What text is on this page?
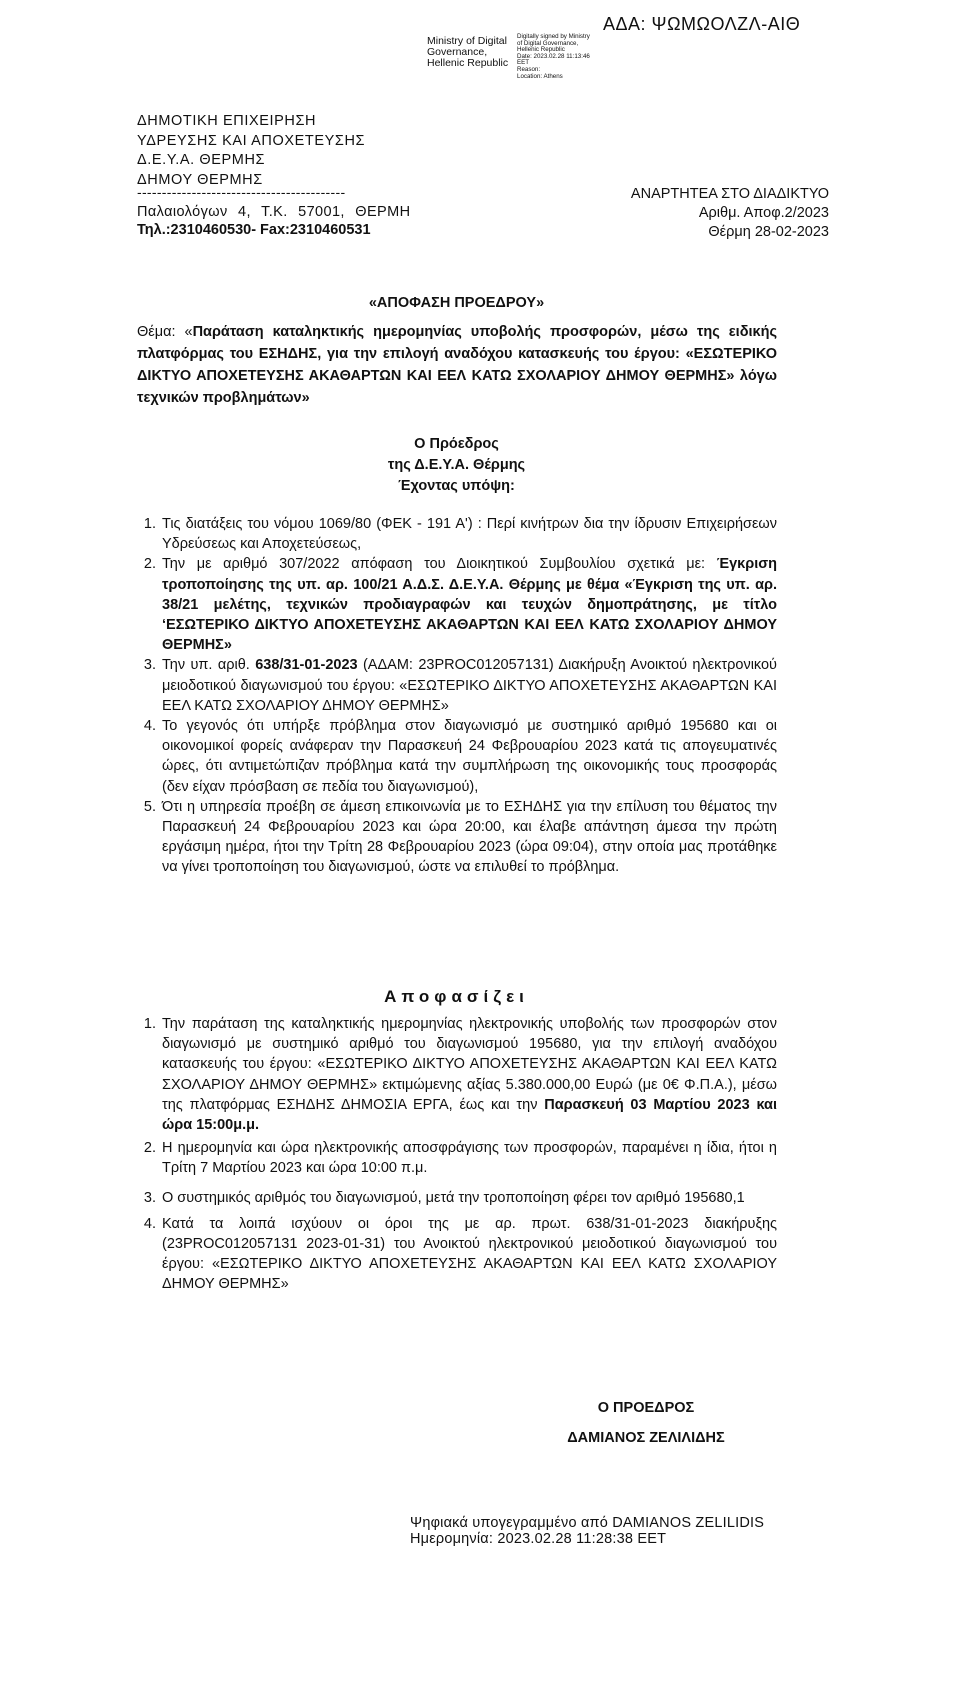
ΑΔΑ: ΨΩΜΩΟΛΖΛ-ΑΙΘ
Ministry of Digital
Governance,
Hellenic Republic
Digitally signed by Ministry
of Digital Governance,
Hellenic Republic
Date: 2023.02.28 11:13:46
EET
Reason:
Location: Athens
ΔΗΜΟΤΙΚΗ ΕΠΙΧΕΙΡΗΣΗ
ΥΔΡΕΥΣΗΣ ΚΑΙ ΑΠΟΧΕΤΕΥΣΗΣ
Δ.Ε.Υ.Α. ΘΕΡΜΗΣ
ΔΗΜΟΥ ΘΕΡΜΗΣ
------------------------------------------
Παλαιολόγων 4, Τ.Κ. 57001, ΘΕΡΜΗ
Τηλ.:2310460530- Fax:2310460531
ΑΝΑΡΤΗΤΕΑ ΣΤΟ ΔΙΑΔΙΚΤΥΟ
Αριθμ. Αποφ.2/2023
Θέρμη 28-02-2023
«ΑΠΟΦΑΣΗ ΠΡΟΕΔΡΟΥ»
Θέμα: «Παράταση καταληκτικής ημερομηνίας υποβολής προσφορών, μέσω της ειδικής πλατφόρμας του ΕΣΗΔΗΣ, για την επιλογή αναδόχου κατασκευής του έργου: «ΕΣΩΤΕΡΙΚΟ ΔΙΚΤΥΟ ΑΠΟΧΕΤΕΥΣΗΣ ΑΚΑΘΑΡΤΩΝ ΚΑΙ ΕΕΛ ΚΑΤΩ ΣΧΟΛΑΡΙΟΥ ΔΗΜΟΥ ΘΕΡΜΗΣ» λόγω τεχνικών προβλημάτων»
Ο Πρόεδρος
της Δ.Ε.Υ.Α. Θέρμης
Έχοντας υπόψη:
1. Τις διατάξεις του νόμου 1069/80 (ΦΕΚ - 191 Α') : Περί κινήτρων δια την ίδρυσιν Επιχειρήσεων Υδρεύσεως και Αποχετεύσεως,
2. Την με αριθμό 307/2022 απόφαση του Διοικητικού Συμβουλίου σχετικά με: Έγκριση τροποποίησης της υπ. αρ. 100/21 Α.Δ.Σ. Δ.Ε.Υ.Α. Θέρμης με θέμα «Έγκριση της υπ. αρ. 38/21 μελέτης, τεχνικών προδιαγραφών και τευχών δημοπράτησης, με τίτλο ‘ΕΣΩΤΕΡΙΚΟ ΔΙΚΤΥΟ ΑΠΟΧΕΤΕΥΣΗΣ ΑΚΑΘΑΡΤΩΝ ΚΑΙ ΕΕΛ ΚΑΤΩ ΣΧΟΛΑΡΙΟΥ ΔΗΜΟΥ ΘΕΡΜΗΣ»
3. Την υπ. αριθ. 638/31-01-2023 (ΑΔΑΜ: 23PROC012057131) Διακήρυξη Ανοικτού ηλεκτρονικού μειοδοτικού διαγωνισμού του έργου: «ΕΣΩΤΕΡΙΚΟ ΔΙΚΤΥΟ ΑΠΟΧΕΤΕΥΣΗΣ ΑΚΑΘΑΡΤΩΝ ΚΑΙ ΕΕΛ ΚΑΤΩ ΣΧΟΛΑΡΙΟΥ ΔΗΜΟΥ ΘΕΡΜΗΣ»
4. Το γεγονός ότι υπήρξε πρόβλημα στον διαγωνισμό με συστημικό αριθμό 195680 και οι οικονομικοί φορείς ανάφεραν την Παρασκευή 24 Φεβρουαρίου 2023 κατά τις απογευματινές ώρες, ότι αντιμετώπιζαν πρόβλημα κατά την συμπλήρωση της οικονομικής τους προσφοράς (δεν είχαν πρόσβαση σε πεδία του διαγωνισμού),
5. Ότι η υπηρεσία προέβη σε άμεση επικοινωνία με το ΕΣΗΔΗΣ για την επίλυση του θέματος την Παρασκευή 24 Φεβρουαρίου 2023 και ώρα 20:00, και έλαβε απάντηση άμεσα την πρώτη εργάσιμη ημέρα, ήτοι την Τρίτη 28 Φεβρουαρίου 2023 (ώρα 09:04), στην οποία μας προτάθηκε να γίνει τροποποίηση του διαγωνισμού, ώστε να επιλυθεί το πρόβλημα.
Αποφασίζει
1. Την παράταση της καταληκτικής ημερομηνίας ηλεκτρονικής υποβολής των προσφορών στον διαγωνισμό με συστημικό αριθμό του διαγωνισμού 195680, για την επιλογή αναδόχου κατασκευής του έργου: «ΕΣΩΤΕΡΙΚΟ ΔΙΚΤΥΟ ΑΠΟΧΕΤΕΥΣΗΣ ΑΚΑΘΑΡΤΩΝ ΚΑΙ ΕΕΛ ΚΑΤΩ ΣΧΟΛΑΡΙΟΥ ΔΗΜΟΥ ΘΕΡΜΗΣ» εκτιμώμενης αξίας 5.380.000,00 Ευρώ (με 0€ Φ.Π.Α.), μέσω της πλατφόρμας ΕΣΗΔΗΣ ΔΗΜΟΣΙΑ ΕΡΓΑ, έως και την Παρασκευή 03 Μαρτίου 2023 και ώρα 15:00μ.μ.
2. Η ημερομηνία και ώρα ηλεκτρονικής αποσφράγισης των προσφορών, παραμένει η ίδια, ήτοι η Τρίτη 7 Μαρτίου 2023 και ώρα 10:00 π.μ.
3. Ο συστημικός αριθμός του διαγωνισμού, μετά την τροποποίηση φέρει τον αριθμό 195680,1
4. Κατά τα λοιπά ισχύουν οι όροι της με αρ. πρωτ. 638/31-01-2023 διακήρυξης (23PROC012057131 2023-01-31) του Ανοικτού ηλεκτρονικού μειοδοτικού διαγωνισμού του έργου: «ΕΣΩΤΕΡΙΚΟ ΔΙΚΤΥΟ ΑΠΟΧΕΤΕΥΣΗΣ ΑΚΑΘΑΡΤΩΝ ΚΑΙ ΕΕΛ ΚΑΤΩ ΣΧΟΛΑΡΙΟΥ ΔΗΜΟΥ ΘΕΡΜΗΣ»
Ο ΠΡΟΕΔΡΟΣ
ΔΑΜΙΑΝΟΣ ΖΕΛΙΛΙΔΗΣ
Ψηφιακά υπογεγραμμένο από DAMIANOS ZELILIDIS
Ημερομηνία: 2023.02.28 11:28:38 EET
